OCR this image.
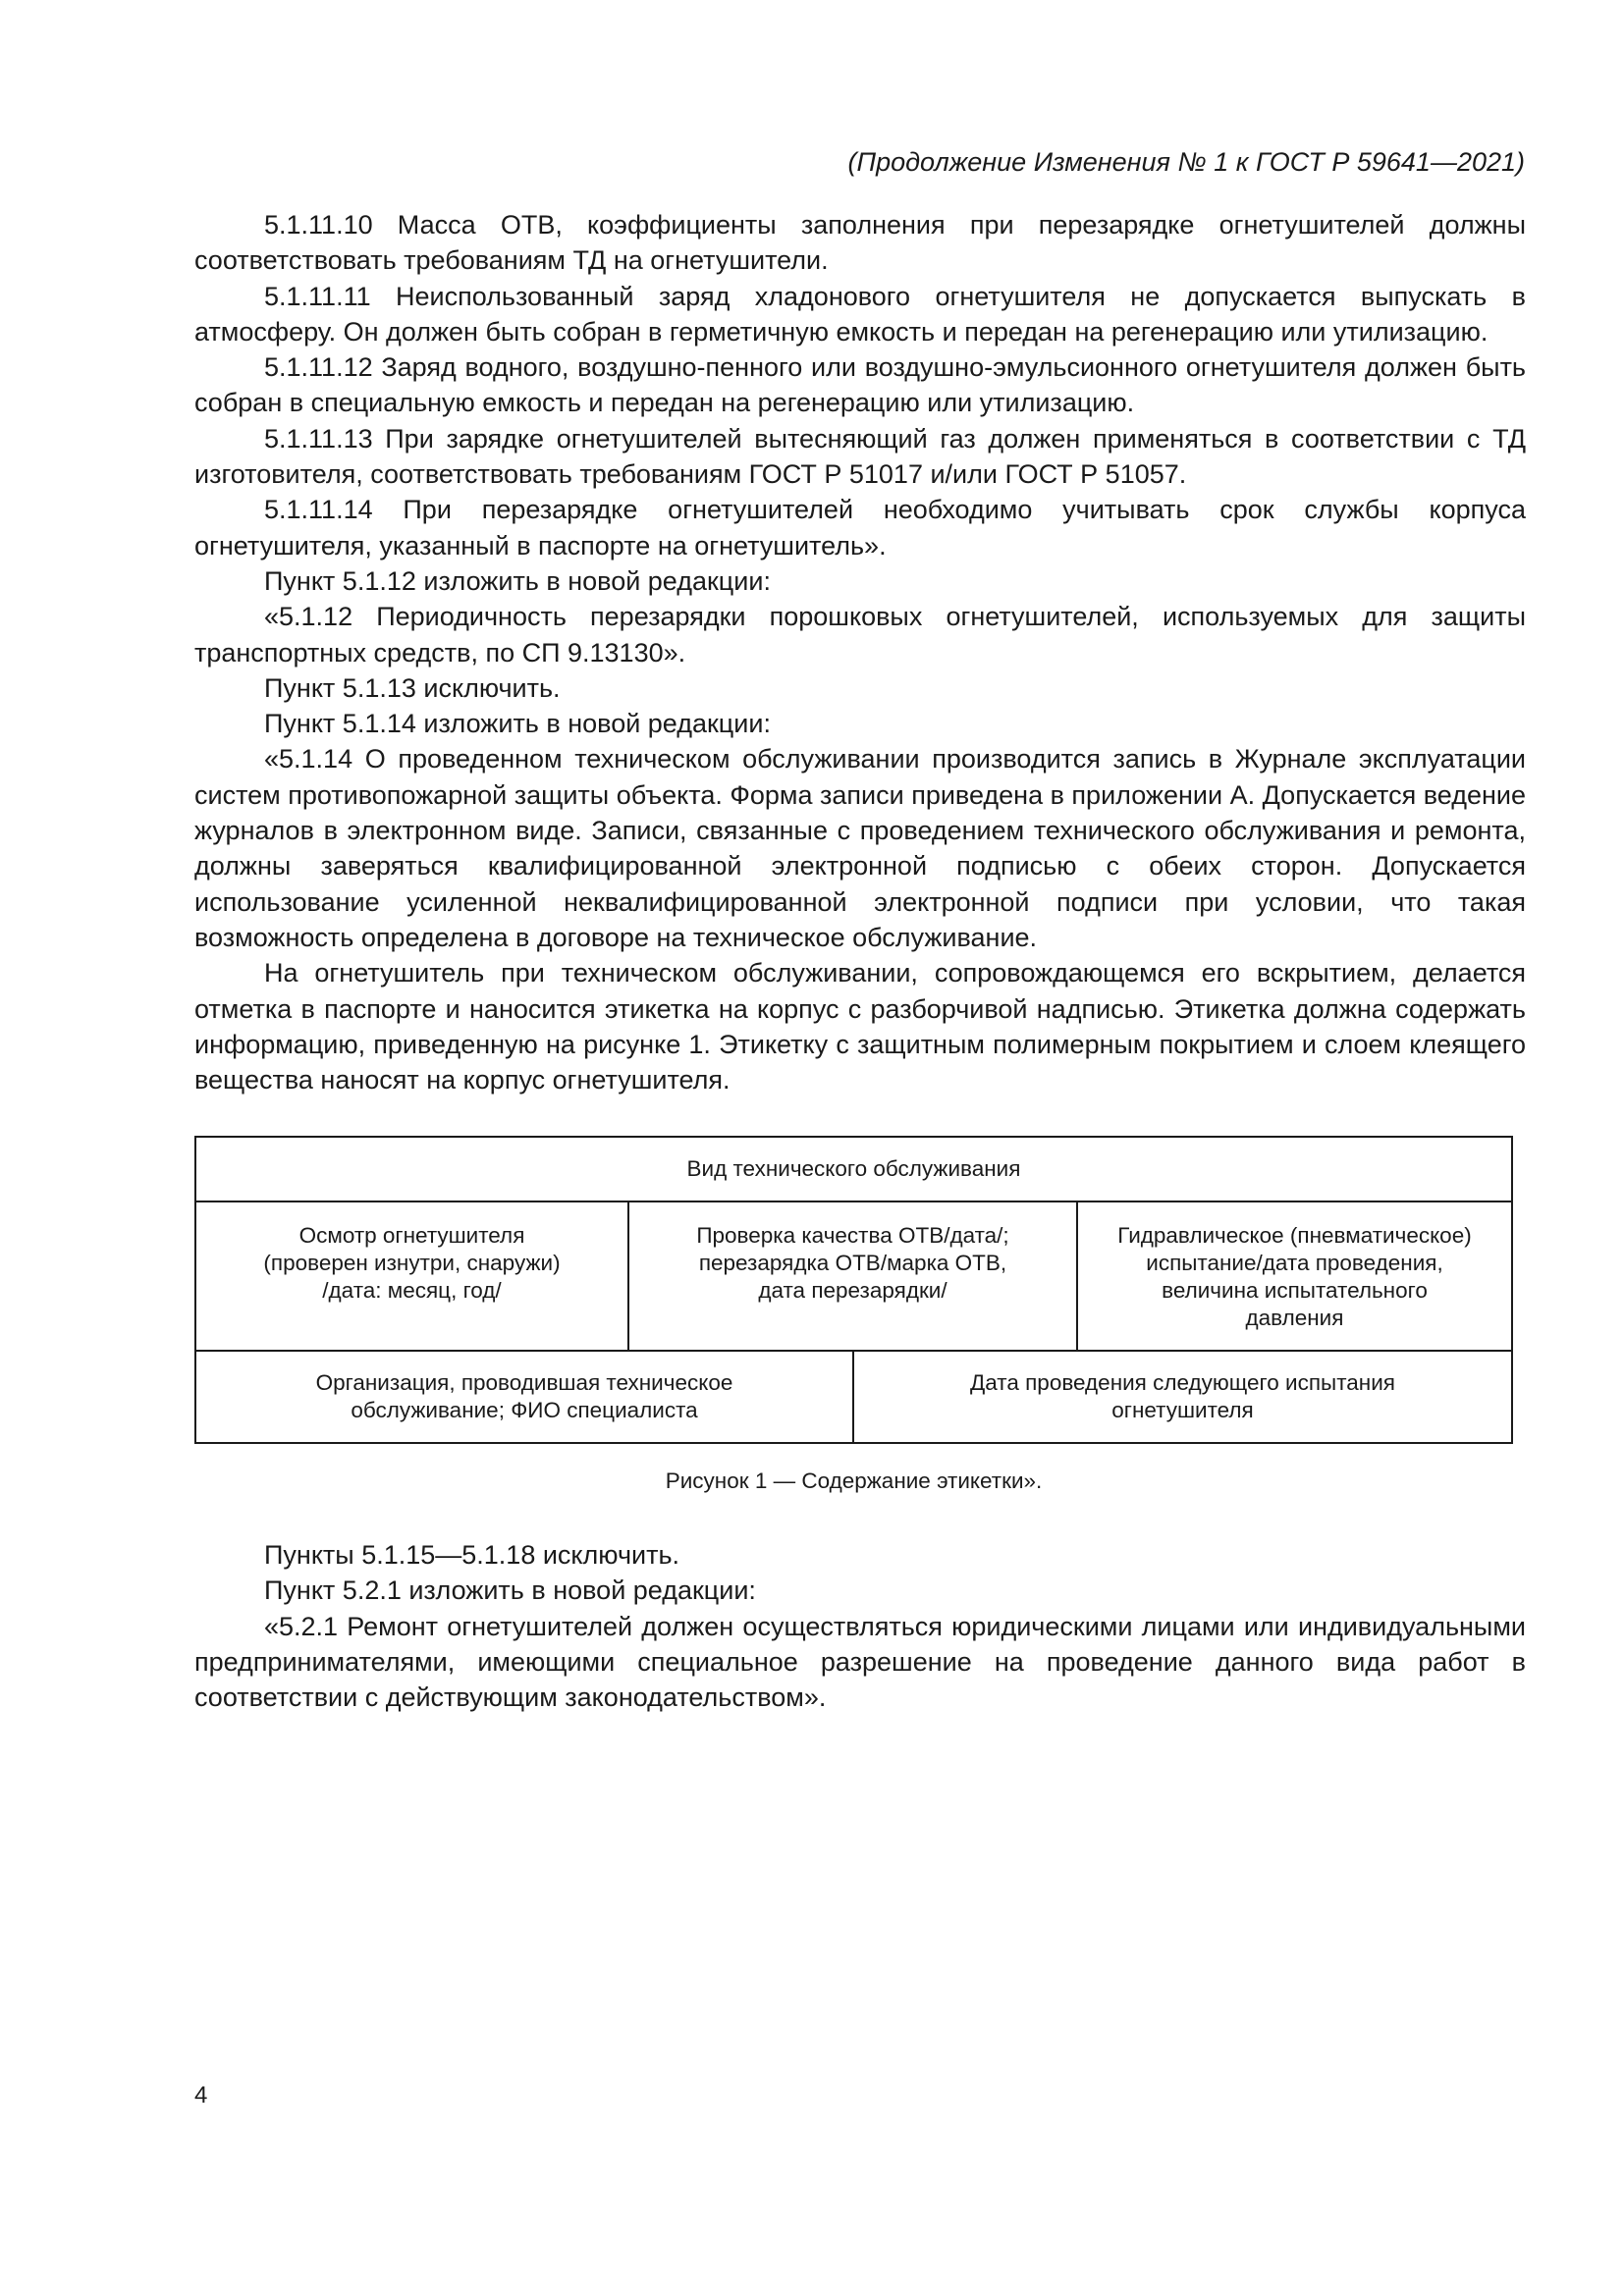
(Продолжение Изменения № 1 к ГОСТ Р 59641—2021)

5.1.11.10 Масса ОТВ, коэффициенты заполнения при перезарядке огнетушителей должны соответствовать требованиям ТД на огнетушители.

5.1.11.11 Неиспользованный заряд хладонового огнетушителя не допускается выпускать в атмосферу. Он должен быть собран в герметичную емкость и передан на регенерацию или утилизацию.

5.1.11.12 Заряд водного, воздушно-пенного или воздушно-эмульсионного огнетушителя должен быть собран в специальную емкость и передан на регенерацию или утилизацию.

5.1.11.13 При зарядке огнетушителей вытесняющий газ должен применяться в соответствии с ТД изготовителя, соответствовать требованиям ГОСТ Р 51017 и/или ГОСТ Р 51057.

5.1.11.14 При перезарядке огнетушителей необходимо учитывать срок службы корпуса огнетушителя, указанный в паспорте на огнетушитель».

Пункт 5.1.12 изложить в новой редакции:

«5.1.12 Периодичность перезарядки порошковых огнетушителей, используемых для защиты транспортных средств, по СП 9.13130».

Пункт 5.1.13 исключить.

Пункт 5.1.14 изложить в новой редакции:

«5.1.14 О проведенном техническом обслуживании производится запись в Журнале эксплуатации систем противопожарной защиты объекта. Форма записи приведена в приложении А. Допускается ведение журналов в электронном виде. Записи, связанные с проведением технического обслуживания и ремонта, должны заверяться квалифицированной электронной подписью с обеих сторон. Допускается использование усиленной неквалифицированной электронной подписи при условии, что такая возможность определена в договоре на техническое обслуживание.

На огнетушитель при техническом обслуживании, сопровождающемся его вскрытием, делается отметка в паспорте и наносится этикетка на корпус с разборчивой надписью. Этикетка должна содержать информацию, приведенную на рисунке 1. Этикетку с защитным полимерным покрытием и слоем клеящего вещества наносят на корпус огнетушителя.

Вид технического обслуживания
Осмотр огнетушителя
(проверен изнутри, снаружи)
/дата: месяц, год/
Проверка качества ОТВ/дата/;
перезарядка ОТВ/марка ОТВ,
дата перезарядки/
Гидравлическое (пневматическое)
испытание/дата проведения,
величина испытательного
давления
Организация, проводившая техническое
обслуживание; ФИО специалиста
Дата проведения следующего испытания
огнетушителя
Рисунок 1 — Содержание этикетки».

Пункты 5.1.15—5.1.18 исключить.

Пункт 5.2.1 изложить в новой редакции:

«5.2.1 Ремонт огнетушителей должен осуществляться юридическими лицами или индивидуальными предпринимателями, имеющими специальное разрешение на проведение данного вида работ в соответствии с действующим законодательством».

4
